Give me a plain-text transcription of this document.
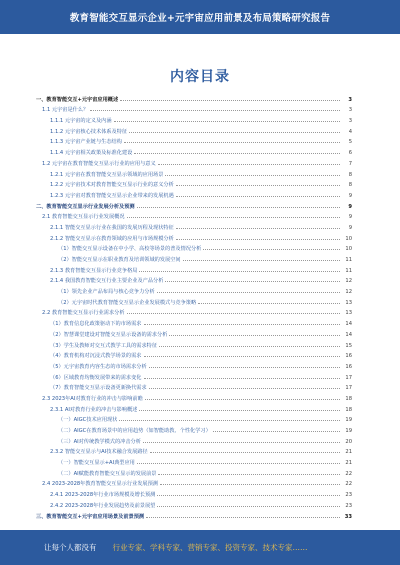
教育智能交互显示企业+元宇宙应用前景及布局策略研究报告
内容目录
一、教育智能交互+元宇宙应用概述	3
1.1 元宇宙是什么？	3
1.1.1 元宇宙的定义及内涵	3
1.1.2 元宇宙核心技术体系及特征	4
1.1.3 元宇宙产业链与生态结构	5
1.1.4 元宇宙相关政策及标准化建设	6
1.2 元宇宙在教育智能交互显示行业的应用与意义	7
1.2.1 元宇宙在教育智能交互显示领域的应用场景	8
1.2.2 元宇宙技术对教育智能交互显示行业的意义分析	8
1.2.3 元宇宙对教育智能交互显示企业带来的发展机遇	9
二、教育智能交互显示行业发展分析及预测	9
2.1 教育智能交互显示行业发展概况	9
2.1.1 智能交互显示行业在我国的发展历程及现状特征	9
2.1.2 智能交互显示在教育领域的应用与市场规模分析	10
（1）智能交互显示设备在中小学、高校等场景的普及情况分析	10
（2）智能交互显示在职业教育及培训领域的发展空间	11
2.1.3 教育智能交互显示行业竞争格局	11
2.1.4 我国教育智能交互行业主要企业及产品分析	12
（1）领先企业产品布局与核心竞争力分析	12
（2）元宇宙时代教育智能交互显示企业发展模式与竞争策略	13
2.2 教育智能交互显示行业需求分析	13
（1）教育信息化政策驱动下的市场需求	14
（2）智慧课堂建设对智能交互显示设备的需求分析	14
（3）学生及教师对交互式教学工具的需求特征	15
（4）教育机构对沉浸式教学场景的需求	16
（5）元宇宙教育内容生态的市场需求分析	16
（6）区域教育均衡发展带来的需求变化	17
（7）教育智能交互显示设备更新换代需求	17
2.3 2023年AI对教育行业的冲击与影响前瞻	18
2.3.1 AI对教育行业的冲击与影响概述	18
（一）AIGC技术应用现状	19
（二）AIGC在教育场景中的应用趋势（如智能助教、个性化学习）	19
（三）AI对传统教学模式的冲击分析	20
2.3.2 智能交互显示与AI技术融合发展路径	21
（一）智能交互显示+AI典型应用	21
（二）AI赋能教育智能交互显示的发展前景	22
2.4 2023-2028年教育智能交互显示行业发展预测	22
2.4.1 2023-2028年行业市场规模及增长预测	23
2.4.2 2023-2028年行业发展趋势及前景展望	23
三、教育智能交互+元宇宙应用场景及前景预测	33
让每个人都没有 行业专家、学科专家、营销专家、投资专家、技术专家……
